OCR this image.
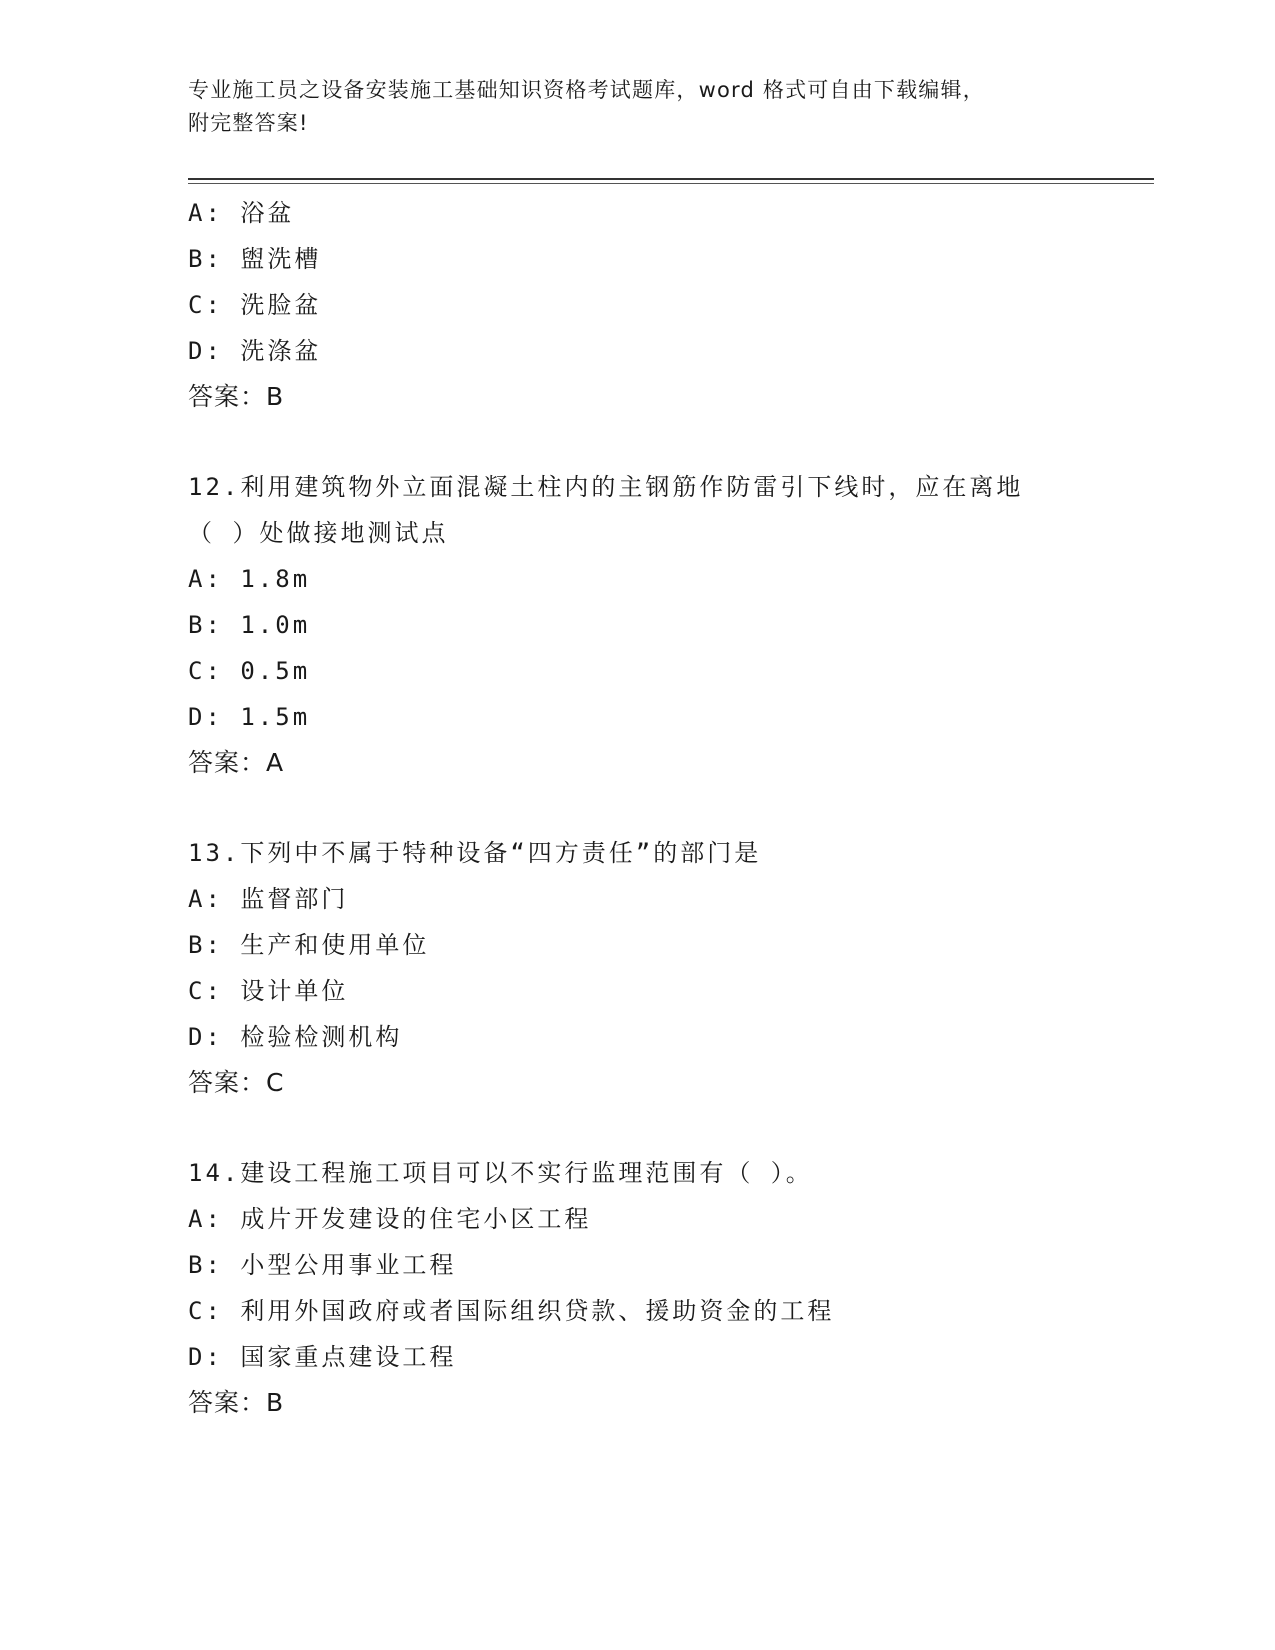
专业施工员之设备安装施工基础知识资格考试题库，word 格式可自由下载编辑，
附完整答案!
A: 浴盆
B: 盥洗槽
C: 洗脸盆
D: 洗涤盆
答案：B
12.利用建筑物外立面混凝土柱内的主钢筋作防雷引下线时，应在离地
（ ）处做接地测试点
A: 1.8m
B: 1.0m
C: 0.5m
D: 1.5m
答案：A
13.下列中不属于特种设备“四方责任”的部门是
A: 监督部门
B: 生产和使用单位
C: 设计单位
D: 检验检测机构
答案：C
14.建设工程施工项目可以不实行监理范围有（ ）。
A: 成片开发建设的住宅小区工程
B: 小型公用事业工程
C: 利用外国政府或者国际组织贷款、援助资金的工程
D: 国家重点建设工程
答案：B
